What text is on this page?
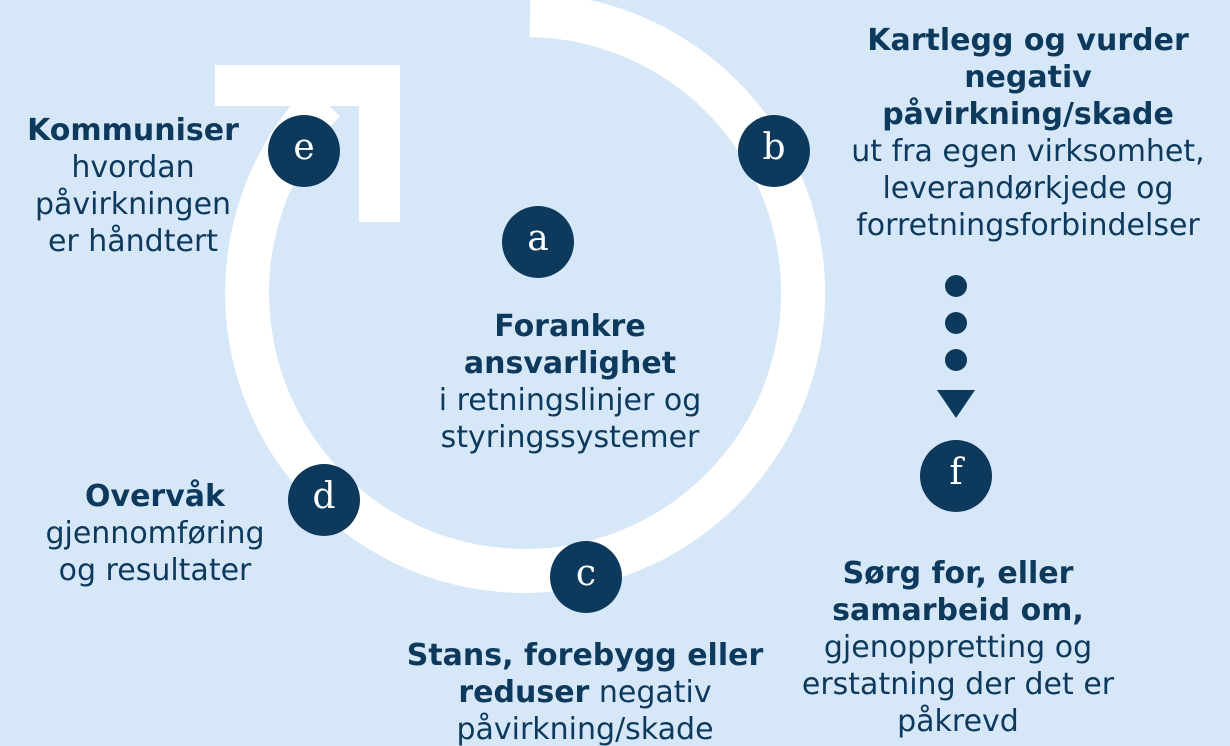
a
b
c
d
e
f
Forankre
ansvarlighet
i retningslinjer og
styringssystemer
Kartlegg og vurder
negativ
påvirkning/skade
ut fra egen virksomhet,
leverandørkjede og
forretningsforbindelser
Stans, forebygg eller
reduser negativ
påvirkning/skade
Overvåk
gjennomføring
og resultater
Kommuniser
hvordan
påvirkningen
er håndtert
Sørg for, eller
samarbeid om,
gjenoppretting og
erstatning der det er
påkrevd
